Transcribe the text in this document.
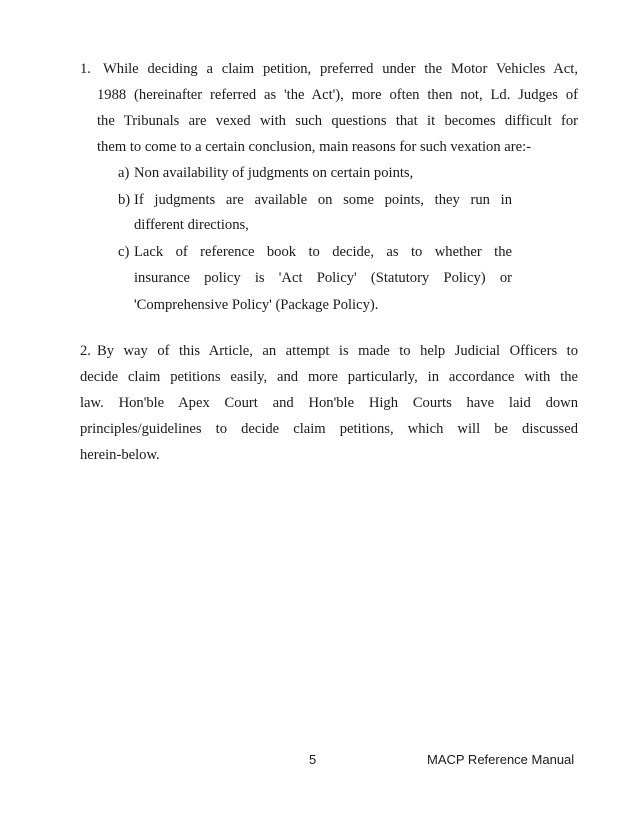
1. While deciding a claim petition, preferred under the Motor Vehicles Act,
1988 (hereinafter referred as 'the Act'), more often then not, Ld. Judges of
the Tribunals are vexed with such questions that it becomes difficult for
them to come to a certain conclusion, main reasons for such vexation are:-
a) Non availability of judgments on certain points,
b) If judgments are available on some points, they run in
different directions,
c) Lack of reference book to decide, as to whether the
insurance policy is 'Act Policy' (Statutory Policy) or
'Comprehensive Policy' (Package Policy).
2. By way of this Article, an attempt is made to help Judicial Officers to
decide claim petitions easily, and more particularly, in accordance with the
law. Hon'ble Apex Court and Hon'ble High Courts have laid down
principles/guidelines to decide claim petitions, which will be discussed
herein-below.
5	MACP Reference Manual
